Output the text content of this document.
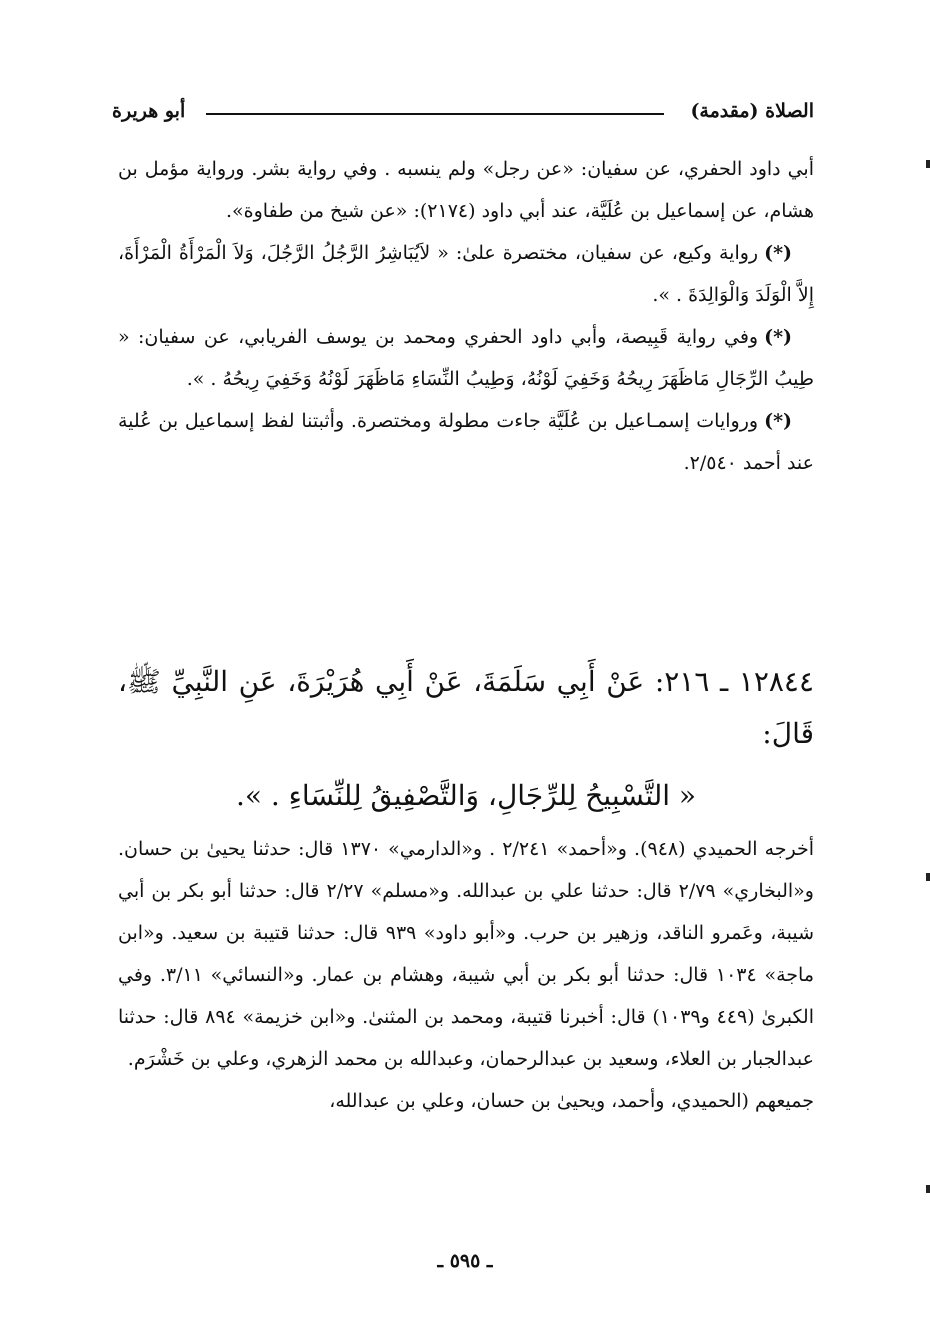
الصلاة (مقدمة)
أبو هريرة

أبي داود الحفري، عن سفيان: «عن رجل» ولم ينسبه . وفي رواية بشر. ورواية مؤمل بن هشام، عن إسماعيل بن عُلَيَّة، عند أبي داود (٢١٧٤): «عن شيخ من طفاوة».

(*)رواية وكيع، عن سفيان، مختصرة علىٰ: « لاَيُبَاشِرُ الرَّجُلُ الرَّجُلَ، وَلاَ الْمَرْأَةُ الْمَرْأَةَ، إِلاَّ الْوَلَدَ وَالْوَالِدَةَ . ».

(*)وفي رواية قَبِيصة، وأبي داود الحفري ومحمد بن يوسف الفريابي، عن سفيان: « طِيبُ الرِّجَالِ مَاظَهَرَ رِيحُهُ وَخَفِيَ لَوْنُهُ، وَطِيبُ النِّسَاءِ مَاظَهَرَ لَوْنُهُ وَخَفِيَ رِيحُهُ . ».

(*)وروايات إسمـاعيل بن عُلَيَّة جاءت مطولة ومختصرة. وأثبتنا لفظ إسماعيل بن عُلية عند أحمد ٢/٥٤٠.

١٢٨٤٤ ـ ٢١٦: عَنْ أَبِي سَلَمَةَ، عَنْ أَبِي هُرَيْرَةَ، عَنِ النَّبِيِّ ﷺ، قَالَ:
« التَّسْبِيحُ لِلرِّجَالِ، وَالتَّصْفِيقُ لِلنِّسَاءِ . ».

أخرجه الحميدي (٩٤٨). و«أحمد» ٢/٢٤١ . و«الدارمي» ١٣٧٠ قال: حدثنا يحيىٰ بن حسان. و«البخاري» ٢/٧٩ قال: حدثنا علي بن عبدالله. و«مسلم» ٢/٢٧ قال: حدثنا أبو بكر بن أبي شيبة، وعَمرو الناقد، وزهير بن حرب. و«أبو داود» ٩٣٩ قال: حدثنا قتيبة بن سعيد. و«ابن ماجة» ١٠٣٤ قال: حدثنا أبو بكر بن أبي شيبة، وهشام بن عمار. و«النسائي» ٣/١١. وفي الكبرىٰ (٤٤٩ و١٠٣٩) قال: أخبرنا قتيبة، ومحمد بن المثنىٰ. و«ابن خزيمة» ٨٩٤ قال: حدثنا عبدالجبار بن العلاء، وسعيد بن عبدالرحمان، وعبدالله بن محمد الزهري، وعلي بن خَشْرَم.

جميعهم (الحميدي، وأحمد، ويحيىٰ بن حسان، وعلي بن عبدالله،

ـ ٥٩٥ ـ
